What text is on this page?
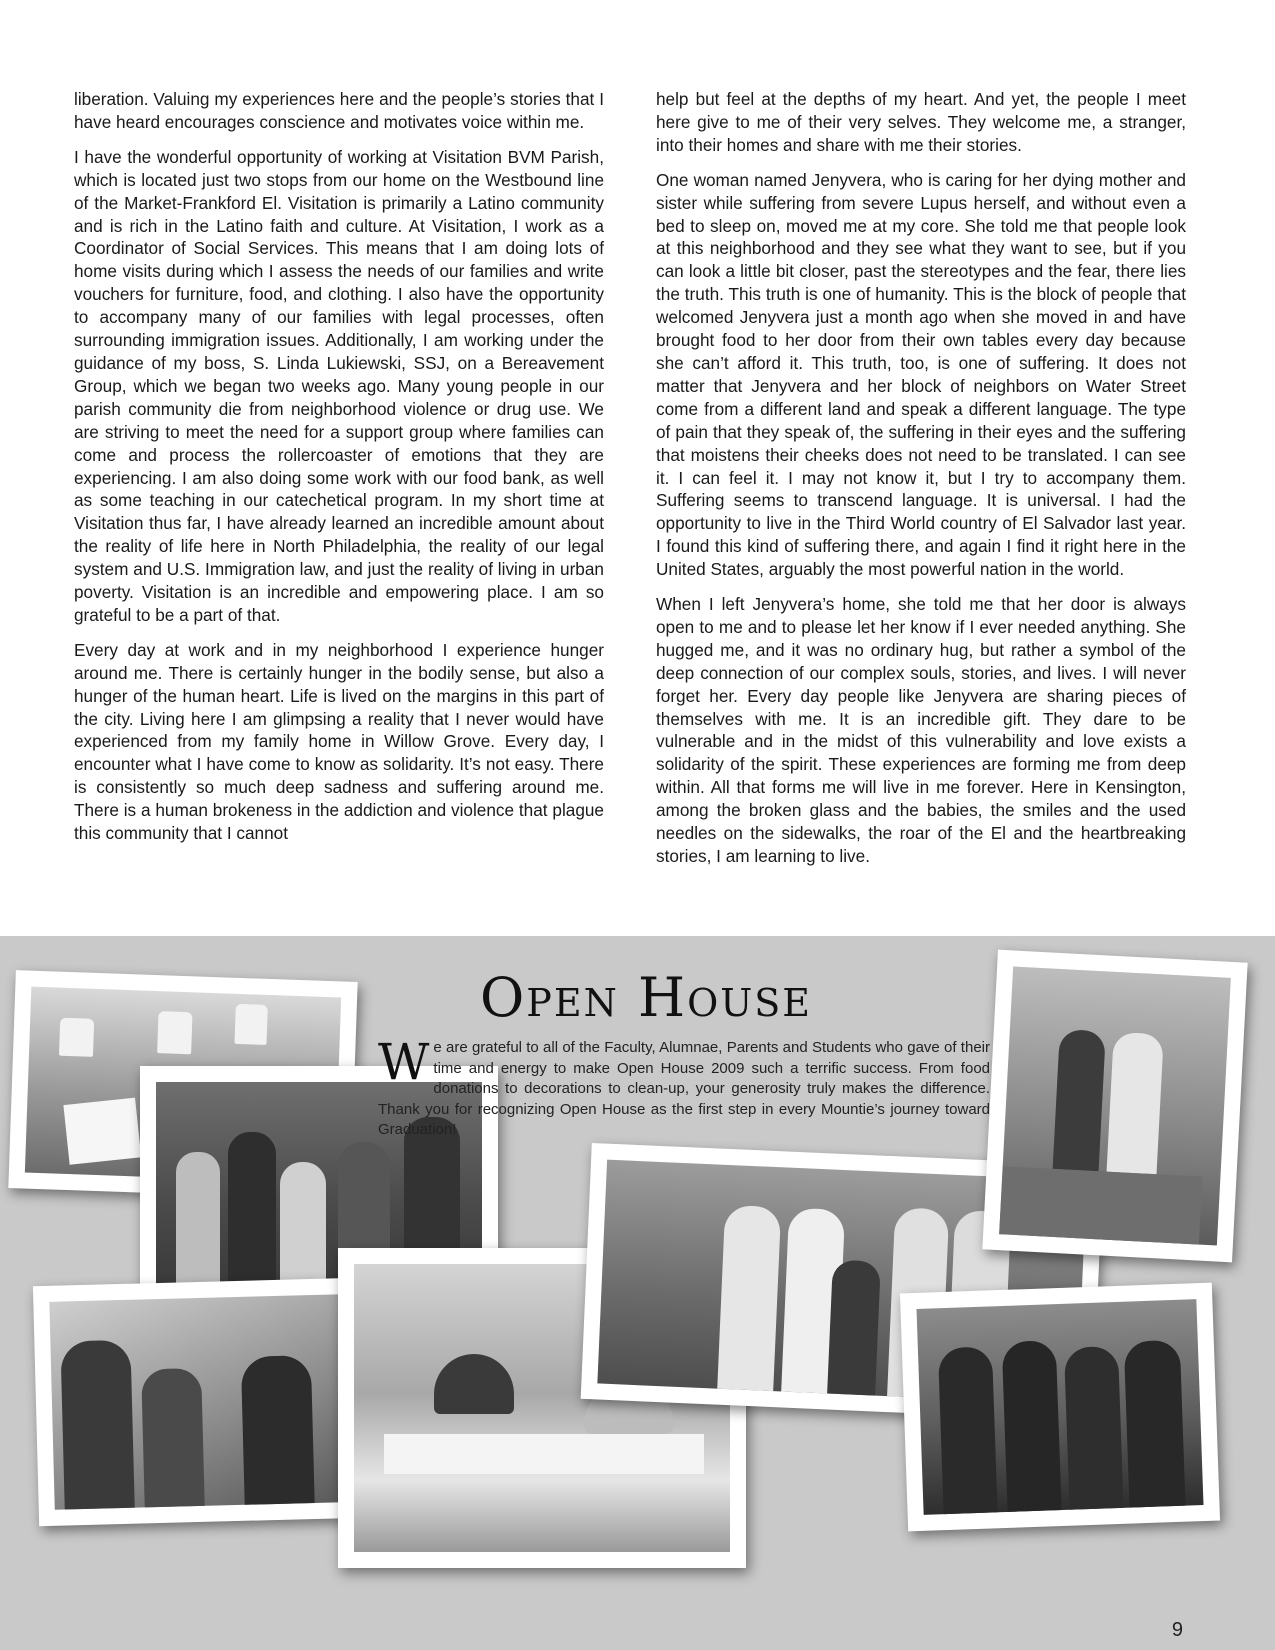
liberation. Valuing my experiences here and the people’s stories that I have heard encourages conscience and motivates voice within me.

I have the wonderful opportunity of working at Visitation BVM Parish, which is located just two stops from our home on the Westbound line of the Market-Frankford El. Visitation is primarily a Latino community and is rich in the Latino faith and culture. At Visitation, I work as a Coordinator of Social Services. This means that I am doing lots of home visits during which I assess the needs of our families and write vouchers for furniture, food, and clothing. I also have the opportunity to accompany many of our families with legal processes, often surrounding immigration issues. Additionally, I am working under the guidance of my boss, S. Linda Lukiewski, SSJ, on a Bereavement Group, which we began two weeks ago. Many young people in our parish community die from neighborhood violence or drug use. We are striving to meet the need for a support group where families can come and process the rollercoaster of emotions that they are experiencing. I am also doing some work with our food bank, as well as some teaching in our catechetical program. In my short time at Visitation thus far, I have already learned an incredible amount about the reality of life here in North Philadelphia, the reality of our legal system and U.S. Immigration law, and just the reality of living in urban poverty. Visitation is an incredible and empowering place. I am so grateful to be a part of that.

Every day at work and in my neighborhood I experience hunger around me. There is certainly hunger in the bodily sense, but also a hunger of the human heart. Life is lived on the margins in this part of the city. Living here I am glimpsing a reality that I never would have experienced from my family home in Willow Grove. Every day, I encounter what I have come to know as solidarity. It’s not easy. There is consistently so much deep sadness and suffering around me. There is a human brokeness in the addiction and violence that plague this community that I cannot

help but feel at the depths of my heart. And yet, the people I meet here give to me of their very selves. They welcome me, a stranger, into their homes and share with me their stories.

One woman named Jenyvera, who is caring for her dying mother and sister while suffering from severe Lupus herself, and without even a bed to sleep on, moved me at my core. She told me that people look at this neighborhood and they see what they want to see, but if you can look a little bit closer, past the stereotypes and the fear, there lies the truth. This truth is one of humanity. This is the block of people that welcomed Jenyvera just a month ago when she moved in and have brought food to her door from their own tables every day because she can’t afford it. This truth, too, is one of suffering. It does not matter that Jenyvera and her block of neighbors on Water Street come from a different land and speak a different language. The type of pain that they speak of, the suffering in their eyes and the suffering that moistens their cheeks does not need to be translated. I can see it. I can feel it. I may not know it, but I try to accompany them. Suffering seems to transcend language. It is universal. I had the opportunity to live in the Third World country of El Salvador last year. I found this kind of suffering there, and again I find it right here in the United States, arguably the most powerful nation in the world.

When I left Jenyvera’s home, she told me that her door is always open to me and to please let her know if I ever needed anything. She hugged me, and it was no ordinary hug, but rather a symbol of the deep connection of our complex souls, stories, and lives. I will never forget her. Every day people like Jenyvera are sharing pieces of themselves with me. It is an incredible gift. They dare to be vulnerable and in the midst of this vulnerability and love exists a solidarity of the spirit. These experiences are forming me from deep within. All that forms me will live in me forever. Here in Kensington, among the broken glass and the babies, the smiles and the used needles on the sidewalks, the roar of the El and the heartbreaking stories, I am learning to live.

Open House
W e are grateful to all of the Faculty, Alumnae, Parents and Students who gave of their time and energy to make Open House 2009 such a terrific success. From food donations to decorations to clean-up, your generosity truly makes the difference. Thank you for recognizing Open House as the first step in every Mountie’s journey toward Graduation!
9
